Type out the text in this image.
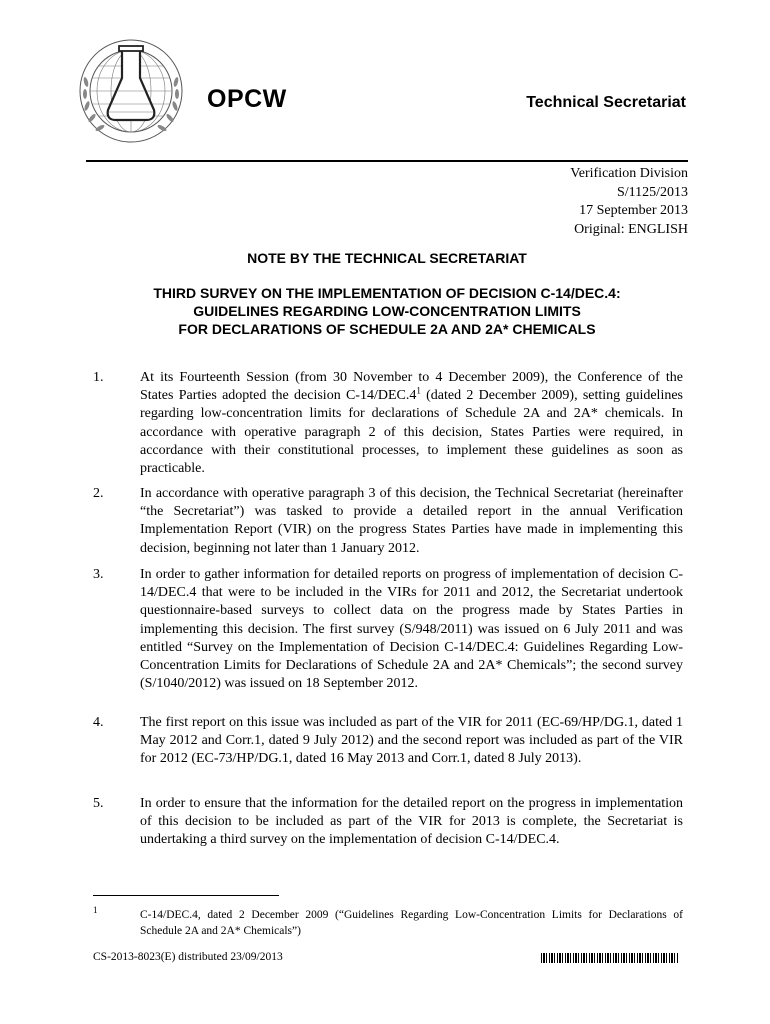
OPCW	Technical Secretariat
Verification Division
S/1125/2013
17 September 2013
Original: ENGLISH
NOTE BY THE TECHNICAL SECRETARIAT
THIRD SURVEY ON THE IMPLEMENTATION OF DECISION C-14/DEC.4:
GUIDELINES REGARDING LOW-CONCENTRATION LIMITS
FOR DECLARATIONS OF SCHEDULE 2A AND 2A* CHEMICALS
1.	At its Fourteenth Session (from 30 November to 4 December 2009), the Conference of the States Parties adopted the decision $C-14/DEC.4^1$ (dated 2 December 2009), setting guidelines regarding low-concentration limits for declarations of Schedule 2A and 2A* chemicals. In accordance with operative paragraph 2 of this decision, States Parties were required, in accordance with their constitutional processes, to implement these guidelines as soon as practicable.
2.	In accordance with operative paragraph 3 of this decision, the Technical Secretariat (hereinafter “the Secretariat”) was tasked to provide a detailed report in the annual Verification Implementation Report (VIR) on the progress States Parties have made in implementing this decision, beginning not later than 1 January 2012.
3.	In order to gather information for detailed reports on progress of implementation of decision C-14/DEC.4 that were to be included in the VIRs for 2011 and 2012, the Secretariat undertook questionnaire-based surveys to collect data on the progress made by States Parties in implementing this decision. The first survey (S/948/2011) was issued on 6 July 2011 and was entitled “Survey on the Implementation of Decision C-14/DEC.4: Guidelines Regarding Low-Concentration Limits for Declarations of Schedule 2A and 2A* Chemicals”; the second survey (S/1040/2012) was issued on 18 September 2012.
4.	The first report on this issue was included as part of the VIR for 2011 (EC-69/HP/DG.1, dated 1 May 2012 and Corr.1, dated 9 July 2012) and the second report was included as part of the VIR for 2012 (EC-73/HP/DG.1, dated 16 May 2013 and Corr.1, dated 8 July 2013).
5.	In order to ensure that the information for the detailed report on the progress in implementation of this decision to be included as part of the VIR for 2013 is complete, the Secretariat is undertaking a third survey on the implementation of decision C-14/DEC.4.
1	C-14/DEC.4, dated 2 December 2009 (“Guidelines Regarding Low-Concentration Limits for Declarations of Schedule 2A and 2A* Chemicals”)
CS-2013-8023(E) distributed 23/09/2013
